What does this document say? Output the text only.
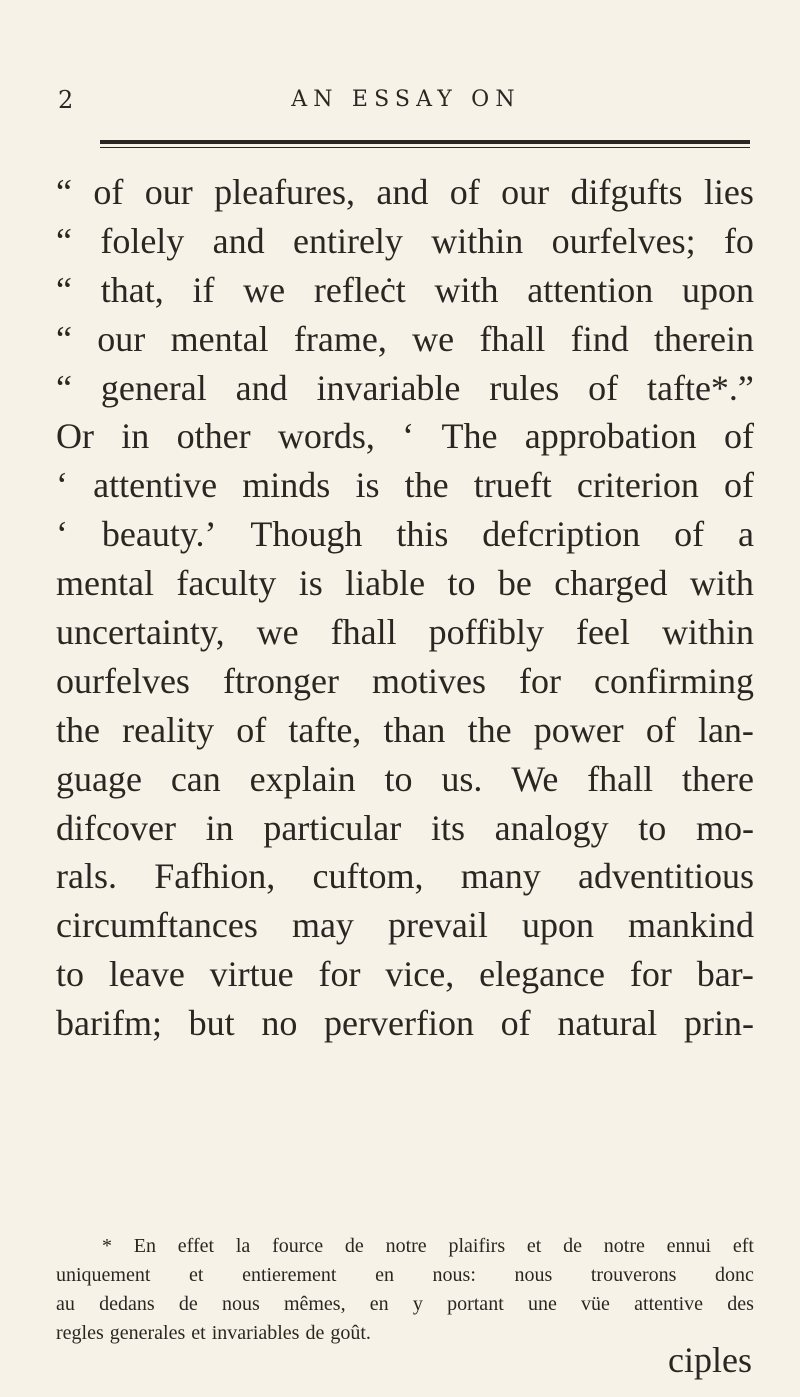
2	AN ESSAY ON
“ of our pleafures, and of our difgufts lies
“ folely and entirely within ourfelves; fo
“ that, if we refleċt with attention upon
“ our mental frame, we fhall find therein
“ general and invariable rules of tafte*.”
Or in other words, ‘ The approbation of
‘ attentive minds is the trueft criterion of
‘ beauty.’ Though this defcription of a
mental faculty is liable to be charged with
uncertainty, we fhall poffibly feel within
ourfelves ftronger motives for confirming
the reality of tafte, than the power of lan-
guage can explain to us. We fhall there
difcover in particular its analogy to mo-
rals. Fafhion, cuftom, many adventitious
circumftances may prevail upon mankind
to leave virtue for vice, elegance for bar-
barifm; but no perverfion of natural prin-
* En effet la fource de notre plaifirs et de notre ennui eft
uniquement et entierement en nous: nous trouverons donc
au dedans de nous mêmes, en y portant une vüe attentive des
regles generales et invariables de goût.
ciples
